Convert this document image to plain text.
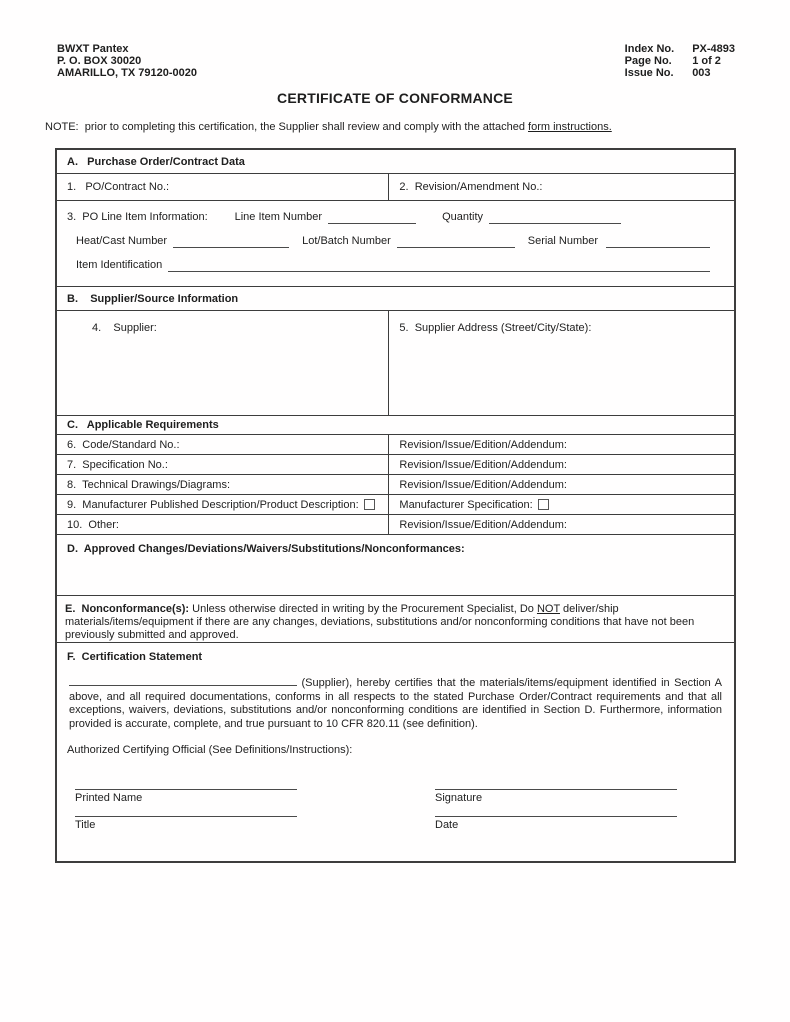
BWXT Pantex
P. O. BOX 30020
AMARILLO, TX 79120-0020
Index No. PX-4893
Page No. 1 of 2
Issue No. 003
CERTIFICATE OF CONFORMANCE
NOTE:  prior to completing this certification, the Supplier shall review and comply with the attached form instructions.
A.   Purchase Order/Contract Data
1.   PO/Contract No.:	2.  Revision/Amendment No.:
3.  PO Line Item Information: Line Item Number	Quantity
Heat/Cast Number	Lot/Batch Number	Serial Number
Item Identification
B.    Supplier/Source Information
4.    Supplier:	5.  Supplier Address (Street/City/State):
C.   Applicable Requirements
6.  Code/Standard No.:	Revision/Issue/Edition/Addendum:
7.  Specification No.:	Revision/Issue/Edition/Addendum:
8.  Technical Drawings/Diagrams:	Revision/Issue/Edition/Addendum:
9.  Manufacturer Published Description/Product Description:	Manufacturer Specification:
10.  Other:	Revision/Issue/Edition/Addendum:
D.  Approved Changes/Deviations/Waivers/Substitutions/Nonconformances:
E.  Nonconformance(s): Unless otherwise directed in writing by the Procurement Specialist, Do NOT deliver/ship materials/items/equipment if there are any changes, deviations, substitutions and/or nonconforming conditions that have not been previously submitted and approved.
F.  Certification Statement
(Supplier), hereby certifies that the materials/items/equipment identified in Section A above, and all required documentations, conforms in all respects to the stated Purchase Order/Contract requirements and that all exceptions, waivers, deviations, substitutions and/or nonconforming conditions are identified in Section D. Furthermore, information provided is accurate, complete, and true pursuant to 10 CFR 820.11 (see definition).
Authorized Certifying Official (See Definitions/Instructions):
Printed Name
Title
Signature
Date
